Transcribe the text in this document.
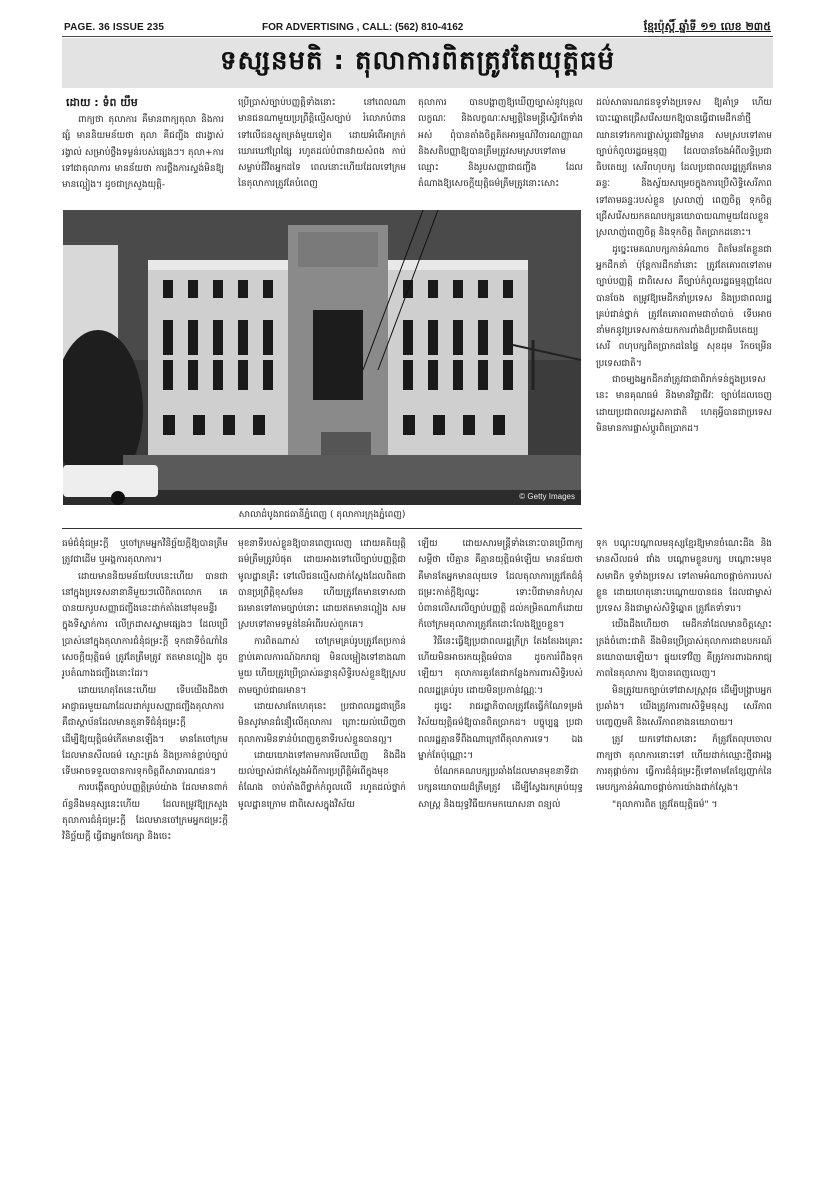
PAGE. 36 ISSUE 235	FOR ADVERTISING , CALL: (562) 810-4162	ខ្មែរប៉ុស្ដិ៍ ឆ្នាំទី ១១ លេខ ២៣៥
ទស្សនមតិ : តុលាការពិតត្រូវតែយុត្តិធម៌
ដោយ : ទំព យឹម

ពាក្យថា តុលាការ គឺមានពាក្យតុលា និងការផ្សំ មាននិយមន័យថា តុលា គឺជញ្ជីង ជារង្វាស់រង្វាល់ សម្រាប់ថ្លឹងទម្ងន់របស់ផ្សេងៗ។ តុលា+ការ ទៅជាតុលាការ មានន័យថា ការថ្លឹងការស្ទង់មិនឱ្យមានល្អៀង។ ដូចជាក្រសួងយុត្តិ-

ប្រើប្រាស់ច្បាប់បញ្ញត្តិទាំងនោះ នៅពេលណាមានជនណាមួយប្រព្រឹត្តិល្មើសច្បាប់ រំលោភបំពានទៅលើជនស្លូតត្រង់មួយទៀត ដោយអំពើអាក្រក់ ឃោរឃៅព្រៃផ្សៃ រហូតដល់បំពានវាយសំពង កាប់សម្លាប់ជីវិតអ្នកដទៃ ពេលនោះហើយដែលទៅក្រមនៃតុលាការត្រូវតែបំពេញ

តុលាការ បានបង្ហាញឱ្យឃើញច្បាស់នូវបុគ្គលលក្ខណៈ និងលក្ខណៈសម្បត្តិនៃមន្ត្រីស្ទើរតែទាំងអស់ ពុំបានតាំងចិត្តគិតអារម្មណ៍វិចារណញ្ញាណ និងសតិបញ្ញាឱ្យបានត្រឹមត្រូវសមស្របទៅតាមឈ្មោះ និងរូបសញ្ញាជាជញ្ជីង ដែលតំណាងឱ្យសេចក្តីយុត្តិធម៌ត្រឹមត្រូវនោះសោះ

ដល់សាធារណជនទូទាំងប្រទេស ឱ្យគាំទ្រ ហើយបោះឆ្នោតជ្រើសរើសយកឱ្យបានធ្វើជាមេដឹកនាំថ្មី ឈានទៅរកការផ្លាស់ប្តូរជាវិជ្ជមាន សមស្របទៅតាមច្បាប់កំពូលរដ្ឋធម្មនុញ្ញ ដែលបានចែងអំពីលទ្ធិប្រជាធិបតេយ្យ សេរីពហុបក្ស ដែលប្រជាពលរដ្ឋត្រូវតែមានឆន្ទៈ និងស្វ័យសម្រេចក្នុងការប្រើសិទ្ធិសេរីភាព ទៅតាមឆន្ទៈរបស់ខ្លួន ស្រលាញ់ ពេញចិត្ត ទុកចិត្ត ជ្រើសរើសយកគណបក្សនយោបាយណាមួយដែលខ្លួនស្រលាញ់ពេញចិត្ត និងទុកចិត្ត ពិតប្រាកដនោះ។

ដូច្នេះមេគណបក្សកាន់អំណាច ពិតមែនតែខ្លួនជាអ្នកដឹកនាំ ប៉ុន្តែការដឹកនាំនោះ ត្រូវតែគោរពទៅតាមច្បាប់បញ្ញត្តិ ជាពិសេស គឺច្បាប់កំពូលរដ្ឋធម្មនុញ្ញដែលបានចែង តម្រូវឱ្យមេដឹកនាំប្រទេស និងប្រជាពលរដ្ឋគ្រប់ជាន់ថ្នាក់ ត្រូវតែគោរពតាមជាចាំបាច់ ទើបអាចនាំមកនូវប្រទេសកាន់យកការពាំងដ៏ប្រជាធិបតេយ្យ សេរី ពហុបក្សពិតប្រាកដនៃផ្ទៃ សុខដុម រីកចម្រើនប្រទេសជាតិ។

ជាចម្បងអ្នកដឹកនាំត្រូវជាជាពិរាក់ទន់ក្នុងប្រទេសនេះ មានគុណធម៌ និងមានវិជ្ជាជីវៈ ច្បាប់ដែលចេញដោយប្រជាពលរដ្ឋសភាជាតិ ហេតុអ្វីបានជាប្រទេសមិនមានការផ្លាស់ប្តូរពិតប្រាកដ។

© Getty Images
សាលាដំបូងរាជធានីភ្នំពេញ ( តុលាការក្រុងភ្នំពេញ)

ធម៌ជំនុំជម្រះក្តី ឬចៅក្រមអ្នកវិនិច្ឆ័យក្តីឱ្យបានត្រឹមត្រូវជាដើម ឬអង្គការតុលាការ។

ដោយមាននិយមន័យបែបនេះហើយ បានជានៅក្នុងប្រទេសនានានីមួយៗលើពិភពលោក គេបានយករូបសញ្ញាជញ្ជីងនេះដាក់តាំងនៅមុខមន្ទីរ ក្នុងទីស្នាក់ការ លើក្រដាសស្នាមផ្សេងៗ ដែលប្រើប្រាស់នៅក្នុងតុលាការជំនុំជម្រះក្តី ទុកជាទីចំណាំនៃសេចក្តីយុត្តិធម៌ ត្រូវតែត្រឹមត្រូវ ឥតមានល្អៀង ដូចរូបតំណាងជញ្ជីងនោះដែរ។

ដោយហេតុតែនេះហើយ ទើបយើងដឹងថា អាជ្ញាធរមួយណាដែលដាក់រូបសញ្ញាជញ្ជីងតុលាការ គឺជាស្ថាប័នដែលមានតួនាទីជំនុំជម្រះក្តី ដើម្បីឱ្យយុត្តិធម៌កើតមានឡើង។ មានតែចៅក្រមដែលមានសីលធម៌ ស្មោះត្រង់ និងប្រកាន់ខ្ជាប់ច្បាប់ ទើបអាចទទួលបានការទុកចិត្តពីសាធារណជន។

ការបង្កើតច្បាប់បញ្ញត្តិគ្រប់យ៉ាង ដែលមានពាក់ព័ន្ធនឹងមនុស្សនេះហើយ ដែលតម្រូវឱ្យក្រសួងតុលាការជំនុំជម្រះក្តី ដែលមានចៅក្រមអ្នកជម្រះក្តី វិនិច្ឆ័យក្តី ធ្វើជាអ្នកថែរក្សា និងចេះ

មុខនាទីរបស់ខ្លួនឱ្យបានពេញលេញ ដោយគតិយុត្តិធម៌ត្រឹមត្រូវបំផុត ដោយអាងទៅលើច្បាប់បញ្ញត្តិជាមូលដ្ឋានគ្រឹះ ទៅលើជនល្មើសជាក់ស្តែងដែលពិតជាបានប្រព្រឹត្តិខុសមែន ហើយត្រូវតែមានទោសជាធរមានទៅតាមច្បាប់នោះ ដោយឥតមានល្អៀង សមស្របទៅតាមទម្ងន់នៃអំពើរបស់ពួកគេ។

ការពិតណាស់ ចៅក្រមគ្រប់រូបត្រូវតែប្រកាន់ខ្ជាប់គោលការណ៍ឯករាជ្យ មិនលម្អៀងទៅខាងណាមួយ ហើយត្រូវប្រើប្រាស់ឆន្ទានុសិទ្ធិរបស់ខ្លួនឱ្យស្របតាមច្បាប់ជាធរមាន។

ដោយសារតែហេតុនេះ ប្រជាពលរដ្ឋជាច្រើនមិនសូវមានជំនឿលើតុលាការ ព្រោះយល់ឃើញថា តុលាការមិនទាន់បំពេញតួនាទីរបស់ខ្លួនបានល្អ។

ដោយយោងទៅតាមការមើលឃើញ និងដឹងយល់ច្បាស់ជាក់ស្តែងអំពីការប្រព្រឹត្តិអំពើក្នុងមុខតំណែង ចាប់តាំងពីថ្នាក់កំពូលលើ រហូតដល់ថ្នាក់មូលដ្ឋានក្រោម ជាពិសេសក្នុងវិស័យ

ឡើយ ដោយសារមន្ត្រីទាំងនោះបានប្រើពាក្យសម្តីថា បើគ្មាន គឺគ្មានយុត្តិធម៌ឡើយ មានន័យថា គឺមានតែអ្នកមានលុយទេ ដែលតុលាការត្រូវតែជំនុំជម្រះកាត់ក្តីឱ្យឈ្នះ ទោះបីជាមានកំហុសបំពានលើសលើច្បាប់បញ្ញត្តិ ដល់កម្រិតណាក៏ដោយ ក៏ចៅក្រមតុលាការត្រូវតែដោះលែងឱ្យរួចខ្លួន។

វិធីនេះធ្វើឱ្យប្រជាពលរដ្ឋក្រីក្រ តែងតែរងគ្រោះ ហើយមិនអាចរកយុត្តិធម៌បាន ដូចការរំពឹងទុកឡើយ។ តុលាការគួរតែជាកន្លែងការពារសិទ្ធិរបស់ពលរដ្ឋគ្រប់រូប ដោយមិនប្រកាន់វណ្ណៈ។

ដូច្នេះ រាជរដ្ឋាភិបាលត្រូវតែធ្វើកំណែទម្រង់វិស័យយុត្តិធម៌ឱ្យបានពិតប្រាកដ។ បច្ចុប្បន្ន ប្រជាពលរដ្ឋគ្មានទីពឹងណាក្រៅពីតុលាការទេ។ ឯងម្នាក់តែប៉ុណ្ណោះ។

ចំណែកគណបក្សប្រឆាំងដែលមានមុខនាទីជាបក្សនយោបាយដ៏ត្រឹមត្រូវ ដើម្បីស្វែងរកគ្រប់យុទ្ធសាស្ត្រ និងយុទ្ធវិធីយកមកឃោសនា ពន្យល់

ទុក បណ្តុះបណ្តាលមនុស្សខ្មែរឱ្យមានចំណេះដឹង និងមានសីលធម៌ ផាំង បណ្តោមខ្លួនបក្ស បណ្តោះមមុខសមាជិក ទូទាំងប្រទេស ទៅតាមអំណាចផ្តាច់ការរបស់ខ្លួន ដោយហេតុនោះបណ្តោយបានជន ដែលជាម្ចាស់ប្រទេស និងជាម្ចាស់សិទ្ធិឆ្នោត ត្រូវតែទាំទារ។

យើងដឹងហើយថា មេដឹកនាំដែលមានចិត្តស្មោះត្រង់ចំពោះជាតិ នឹងមិនប្រើប្រាស់តុលាការជាឧបករណ៍នយោបាយឡើយ។ ផ្ទុយទៅវិញ គឺត្រូវការពារឯករាជ្យភាពនៃតុលាការ ឱ្យបានពេញលេញ។

មិនត្រូវយកច្បាប់ទៅជាសស្ត្រាវុធ ដើម្បីបង្ក្រាបអ្នកប្រឆាំង។ យើងត្រូវការពារសិទ្ធិមនុស្ស សេរីភាពបញ្ចេញមតិ និងសេរីភាពខាងនយោបាយ។

ត្រូវ យកទៅជាសនោះ ក៏ត្រូវតែលុបចោលពាក្យថា តុលាការនោះទៅ ហើយដាក់ឈ្មោះថ្មីជាអង្គការតុផ្តាច់ការ ធ្វើការជំនុំជម្រះក្តីទៅតាមតែខ្សែញាក់នៃមេបក្សកាន់អំណាចផ្តាច់ការយ៉ាងជាក់ស្តែង។

"តុលាការពិត ត្រូវតែយុត្តិធម៌" ។
